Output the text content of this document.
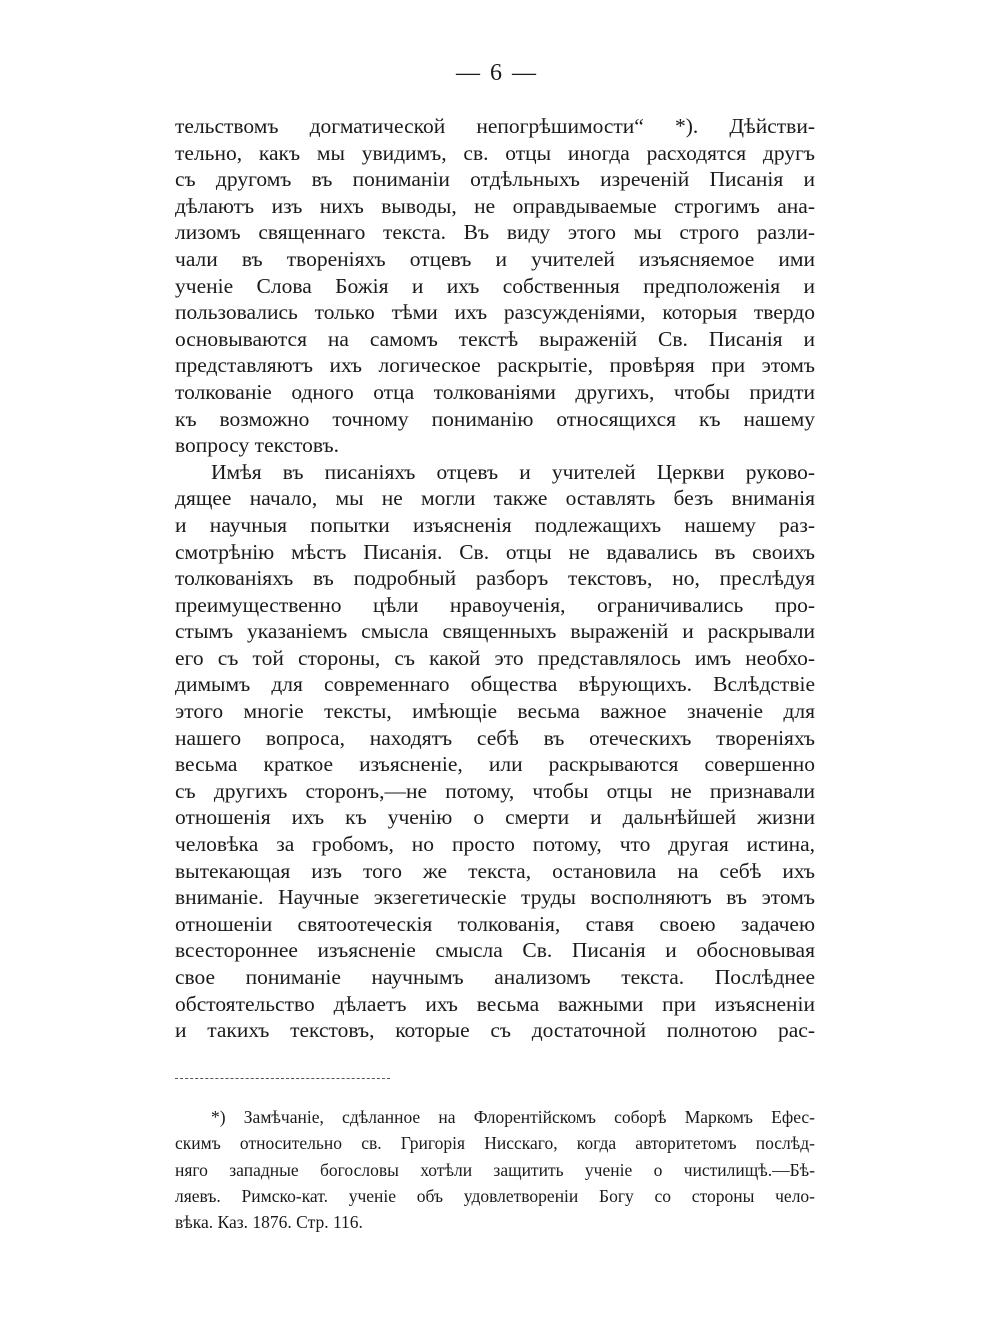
— 6 —
тельствомъ догматической непогрѣшимости“ *). Дѣйстви-
тельно, какъ мы увидимъ, св. отцы иногда расходятся другъ
съ другомъ въ пониманіи отдѣльныхъ изреченій Писанія и
дѣлаютъ изъ нихъ выводы, не оправдываемые строгимъ ана-
лизомъ священнаго текста. Въ виду этого мы строго разли-
чали въ твореніяхъ отцевъ и учителей изъясняемое ими
ученіе Слова Божія и ихъ собственныя предположенія и
пользовались только тѣми ихъ разсужденіями, которыя твердо
основываются на самомъ текстѣ выраженій Св. Писанія и
представляютъ ихъ логическое раскрытіе, провѣряя при этомъ
толкованіе одного отца толкованіями другихъ, чтобы придти
къ возможно точному пониманію относящихся къ нашему
вопросу текстовъ.
Имѣя въ писаніяхъ отцевъ и учителей Церкви руково-
дящее начало, мы не могли также оставлять безъ вниманія
и научныя попытки изъясненія подлежащихъ нашему раз-
смотрѣнію мѣстъ Писанія. Св. отцы не вдавались въ своихъ
толкованіяхъ въ подробный разборъ текстовъ, но, преслѣдуя
преимущественно цѣли нравоученія, ограничивались про-
стымъ указаніемъ смысла священныхъ выраженій и раскрывали
его съ той стороны, съ какой это представлялось имъ необхо-
димымъ для современнаго общества вѣрующихъ. Вслѣдствіе
этого многіе тексты, имѣющіе весьма важное значеніе для
нашего вопроса, находятъ себѣ въ отеческихъ твореніяхъ
весьма краткое изъясненіе, или раскрываются совершенно
съ другихъ сторонъ,—не потому, чтобы отцы не признавали
отношенія ихъ къ ученію о смерти и дальнѣйшей жизни
человѣка за гробомъ, но просто потому, что другая истина,
вытекающая изъ того же текста, остановила на себѣ ихъ
вниманіе. Научные экзегетическіе труды восполняютъ въ этомъ
отношеніи святоотеческія толкованія, ставя своею задачею
всестороннее изъясненіе смысла Св. Писанія и обосновывая
свое пониманіе научнымъ анализомъ текста. Послѣднее
обстоятельство дѣлаетъ ихъ весьма важными при изъясненіи
и такихъ текстовъ, которые съ достаточной полнотою рас-
*) Замѣчаніе, сдѣланное на Флорентійскомъ соборѣ Маркомъ Ефес-
скимъ относительно св. Григорія Нисскаго, когда авторитетомъ послѣд-
няго западные богословы хотѣли защитить ученіе о чистилищѣ.—Бѣ-
ляевъ. Римско-кат. ученіе объ удовлетвореніи Богу со стороны чело-
вѣка. Каз. 1876. Стр. 116.
